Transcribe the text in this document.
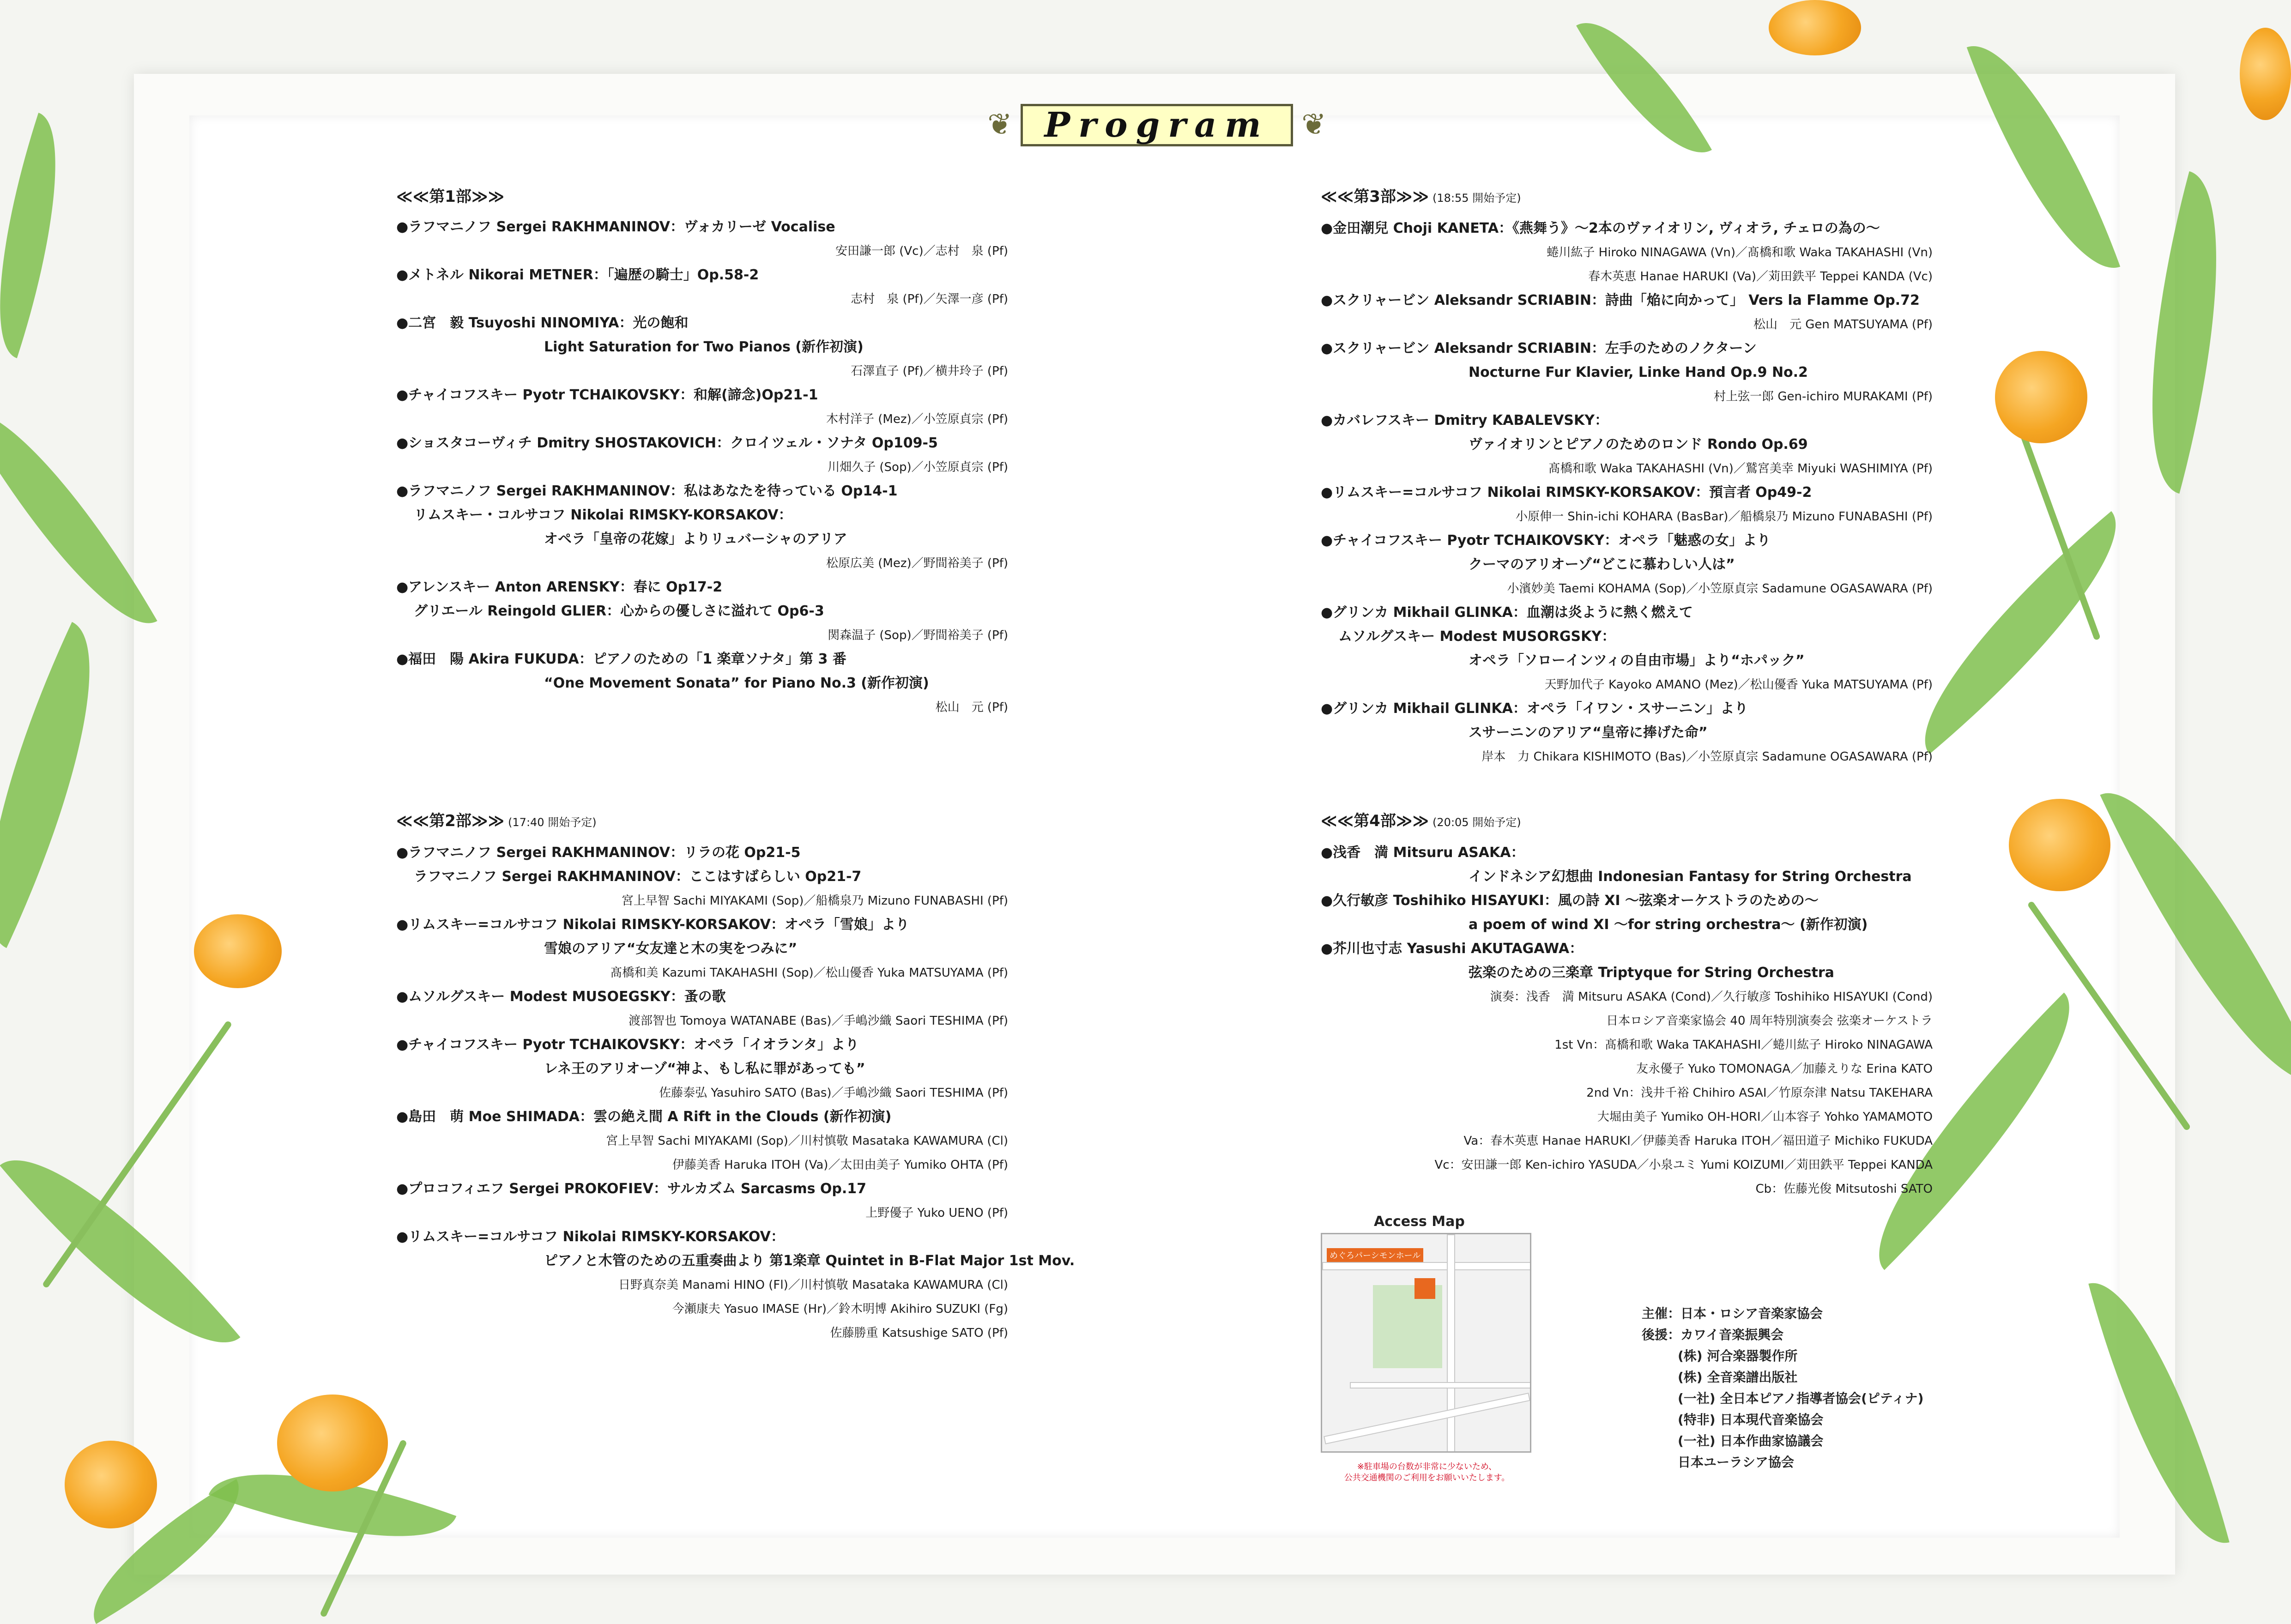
❦ Program ❦
≪≪第1部≫≫
●ラフマニノフ Sergei RAKHMANINOV：ヴォカリーゼ Vocalise
安田謙一郎 (Vc)／志村　泉 (Pf)
●メトネル Nikorai METNER：「遍歴の騎士」Op.58-2
志村　泉 (Pf)／矢澤一彦 (Pf)
●二宮　毅 Tsuyoshi NINOMIYA：光の飽和
Light Saturation for Two Pianos (新作初演)
石澤直子 (Pf)／横井玲子 (Pf)
●チャイコフスキー Pyotr TCHAIKOVSKY：和解(諦念)Op21-1
木村洋子 (Mez)／小笠原貞宗 (Pf)
●ショスタコーヴィチ Dmitry SHOSTAKOVICH：クロイツェル・ソナタ Op109-5
川畑久子 (Sop)／小笠原貞宗 (Pf)
●ラフマニノフ Sergei RAKHMANINOV：私はあなたを待っている Op14-1
リムスキー・コルサコフ Nikolai RIMSKY-KORSAKOV：
オペラ「皇帝の花嫁」よりリュバーシャのアリア
松原広美 (Mez)／野間裕美子 (Pf)
●アレンスキー Anton ARENSKY：春に Op17-2
グリエール Reingold GLIER：心からの優しさに溢れて Op6-3
関森温子 (Sop)／野間裕美子 (Pf)
●福田　陽 Akira FUKUDA：ピアノのための「1 楽章ソナタ」第 3 番
“One Movement Sonata” for Piano No.3 (新作初演)
松山　元 (Pf)
≪≪第2部≫≫ (17:40 開始予定)
●ラフマニノフ Sergei RAKHMANINOV：リラの花 Op21-5
ラフマニノフ Sergei RAKHMANINOV：ここはすばらしい Op21-7
宮上早智 Sachi MIYAKAMI (Sop)／船橋泉乃 Mizuno FUNABASHI (Pf)
●リムスキー=コルサコフ Nikolai RIMSKY-KORSAKOV：オペラ「雪娘」より
雪娘のアリア“女友達と木の実をつみに”
髙橋和美 Kazumi TAKAHASHI (Sop)／松山優香 Yuka MATSUYAMA (Pf)
●ムソルグスキー Modest MUSOEGSKY：蚤の歌
渡部智也 Tomoya WATANABE (Bas)／手嶋沙織 Saori TESHIMA (Pf)
●チャイコフスキー Pyotr TCHAIKOVSKY：オペラ「イオランタ」より
レネ王のアリオーゾ“神よ、もし私に罪があっても”
佐藤泰弘 Yasuhiro SATO (Bas)／手嶋沙織 Saori TESHIMA (Pf)
●島田　萌 Moe SHIMADA：雲の絶え間 A Rift in the Clouds (新作初演)
宮上早智 Sachi MIYAKAMI (Sop)／川村慎敬 Masataka KAWAMURA (Cl)
伊藤美香 Haruka ITOH (Va)／太田由美子 Yumiko OHTA (Pf)
●プロコフィエフ Sergei PROKOFIEV：サルカズム Sarcasms Op.17
上野優子 Yuko UENO (Pf)
●リムスキー=コルサコフ Nikolai RIMSKY-KORSAKOV：
ピアノと木管のための五重奏曲より 第1楽章 Quintet in B-Flat Major 1st Mov.
日野真奈美 Manami HINO (Fl)／川村慎敬 Masataka KAWAMURA (Cl)
今瀬康夫 Yasuo IMASE (Hr)／鈴木明博 Akihiro SUZUKI (Fg)
佐藤勝重 Katsushige SATO (Pf)
≪≪第3部≫≫ (18:55 開始予定)
●金田潮兒 Choji KANETA：《燕舞う》～2本のヴァイオリン, ヴィオラ, チェロの為の～
蜷川紘子 Hiroko NINAGAWA (Vn)／髙橋和歌 Waka TAKAHASHI (Vn)
春木英恵 Hanae HARUKI (Va)／苅田鉄平 Teppei KANDA (Vc)
●スクリャービン Aleksandr SCRIABIN：詩曲「焔に向かって」 Vers la Flamme Op.72
松山　元 Gen MATSUYAMA (Pf)
●スクリャービン Aleksandr SCRIABIN：左手のためのノクターン
Nocturne Fur Klavier, Linke Hand Op.9 No.2
村上弦一郎 Gen-ichiro MURAKAMI (Pf)
●カバレフスキー Dmitry KABALEVSKY：
ヴァイオリンとピアノのためのロンド Rondo Op.69
髙橋和歌 Waka TAKAHASHI (Vn)／鷲宮美幸 Miyuki WASHIMIYA (Pf)
●リムスキー=コルサコフ Nikolai RIMSKY-KORSAKOV：預言者 Op49-2
小原伸一 Shin-ichi KOHARA (BasBar)／船橋泉乃 Mizuno FUNABASHI (Pf)
●チャイコフスキー Pyotr TCHAIKOVSKY：オペラ「魅惑の女」より
クーマのアリオーゾ“どこに慕わしい人は”
小濱妙美 Taemi KOHAMA (Sop)／小笠原貞宗 Sadamune OGASAWARA (Pf)
●グリンカ Mikhail GLINKA：血潮は炎ように熱く燃えて
ムソルグスキー Modest MUSORGSKY：
オペラ「ソローインツィの自由市場」より“ホパック”
天野加代子 Kayoko AMANO (Mez)／松山優香 Yuka MATSUYAMA (Pf)
●グリンカ Mikhail GLINKA：オペラ「イワン・スサーニン」より
スサーニンのアリア“皇帝に捧げた命”
岸本　力 Chikara KISHIMOTO (Bas)／小笠原貞宗 Sadamune OGASAWARA (Pf)
≪≪第4部≫≫ (20:05 開始予定)
●浅香　満 Mitsuru ASAKA：
インドネシア幻想曲 Indonesian Fantasy for String Orchestra
●久行敏彦 Toshihiko HISAYUKI：風の詩 XI ～弦楽オーケストラのための～
a poem of wind XI ～for string orchestra～ (新作初演)
●芥川也寸志 Yasushi AKUTAGAWA：
弦楽のための三楽章 Triptyque for String Orchestra
演奏：浅香　満 Mitsuru ASAKA (Cond)／久行敏彦 Toshihiko HISAYUKI (Cond)
日本ロシア音楽家協会 40 周年特別演奏会 弦楽オーケストラ
1st Vn：髙橋和歌 Waka TAKAHASHI／蜷川紘子 Hiroko NINAGAWA
友永優子 Yuko TOMONAGA／加藤えりな Erina KATO
2nd Vn：浅井千裕 Chihiro ASAI／竹原奈津 Natsu TAKEHARA
大堀由美子 Yumiko OH-HORI／山本容子 Yohko YAMAMOTO
Va：春木英恵 Hanae HARUKI／伊藤美香 Haruka ITOH／福田道子 Michiko FUKUDA
Vc：安田謙一郎 Ken-ichiro YASUDA／小泉ユミ Yumi KOIZUMI／苅田鉄平 Teppei KANDA
Cb：佐藤光俊 Mitsutoshi SATO
Access Map
めぐろパーシモンホール
※駐車場の台数が非常に少ないため、
公共交通機関のご利用をお願いいたします。
主催：日本・ロシア音楽家協会
後援：カワイ音楽振興会
(株) 河合楽器製作所
(株) 全音楽譜出版社
(一社) 全日本ピアノ指導者協会(ピティナ)
(特非) 日本現代音楽協会
(一社) 日本作曲家協議会
日本ユーラシア協会
